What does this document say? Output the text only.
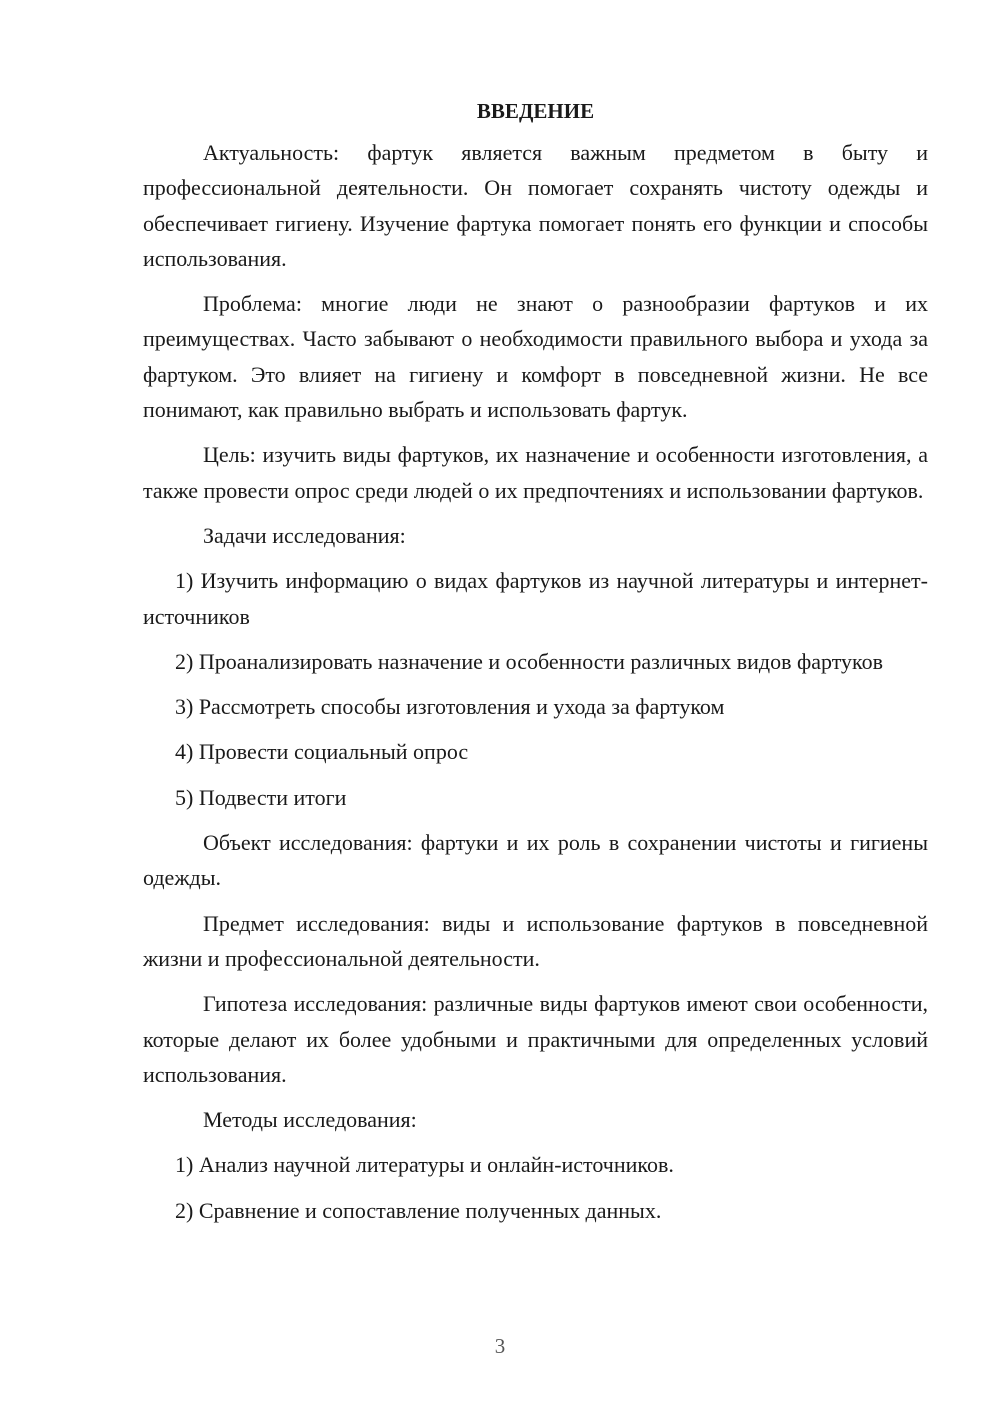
ВВЕДЕНИЕ

Актуальность: фартук является важным предметом в быту и профессиональной деятельности. Он помогает сохранять чистоту одежды и обеспечивает гигиену. Изучение фартука помогает понять его функции и способы использования.

Проблема: многие люди не знают о разнообразии фартуков и их преимуществах. Часто забывают о необходимости правильного выбора и ухода за фартуком. Это влияет на гигиену и комфорт в повседневной жизни. Не все понимают, как правильно выбрать и использовать фартук.

Цель: изучить виды фартуков, их назначение и особенности изготовления, а также провести опрос среди людей о их предпочтениях и использовании фартуков.

Задачи исследования:

1) Изучить информацию о видах фартуков из научной литературы и интернет-источников

2) Проанализировать назначение и особенности различных видов фартуков

3) Рассмотреть способы изготовления и ухода за фартуком

4) Провести социальный опрос

5) Подвести итоги

Объект исследования: фартуки и их роль в сохранении чистоты и гигиены одежды.

Предмет исследования: виды и использование фартуков в повседневной жизни и профессиональной деятельности.

Гипотеза исследования: различные виды фартуков имеют свои особенности, которые делают их более удобными и практичными для определенных условий использования.

Методы исследования:

1) Анализ научной литературы и онлайн-источников.

2) Сравнение и сопоставление полученных данных.

3
